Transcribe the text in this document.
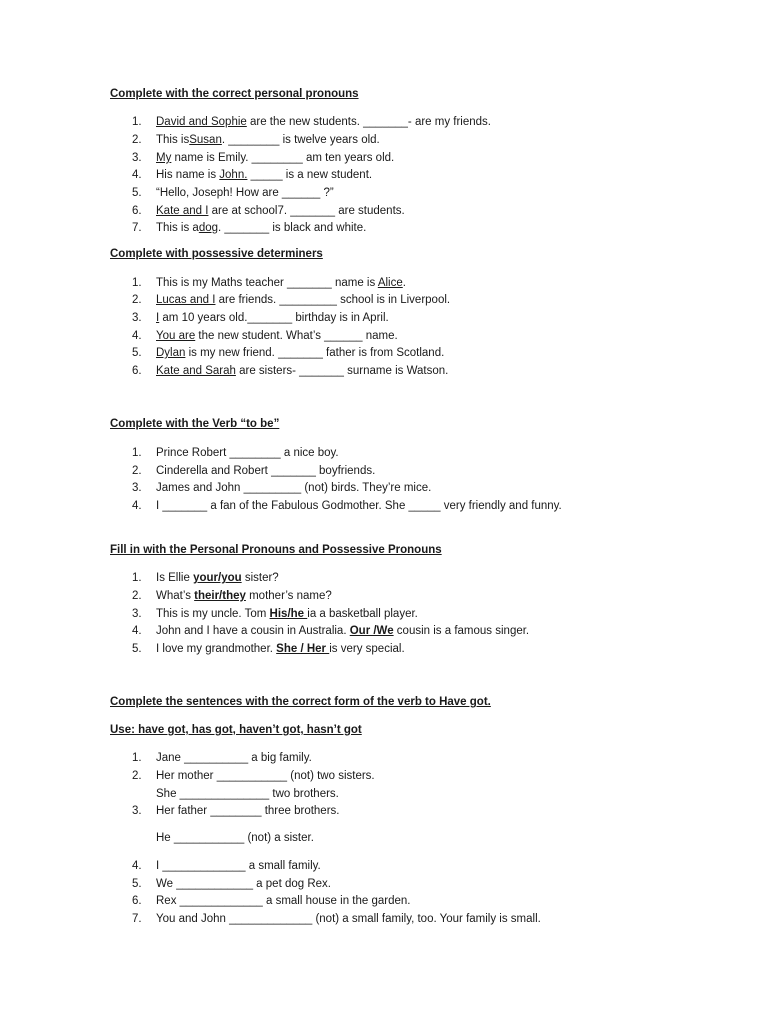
Complete with the correct personal pronouns
1. David and Sophie are the new students. _______- are my friends.
2. This isSusan. ________ is twelve years old.
3. My name is Emily. ________ am ten years old.
4. His name is John. _____ is a new student.
5. “Hello, Joseph! How are ______ ?”
6. Kate and I are at school7. _______ are students.
7. This is adog. _______ is black and white.
Complete with possessive determiners
1. This is my Maths teacher _______ name is Alice.
2. Lucas and I are friends. _________ school is in Liverpool.
3. I am 10 years old._______ birthday is in April.
4. You are the new student. What’s ______ name.
5. Dylan is my new friend. _______ father is from Scotland.
6. Kate and Sarah are sisters- _______ surname is Watson.
Complete with the Verb “to be”
1. Prince Robert ________ a nice boy.
2. Cinderella and Robert _______ boyfriends.
3. James and John _________ (not) birds. They’re mice.
4. I _______ a fan of the Fabulous Godmother. She _____ very friendly and funny.
Fill in with the Personal Pronouns and Possessive Pronouns
1. Is Ellie your/you sister?
2. What’s their/they mother’s name?
3. This is my uncle. Tom His/he ia a basketball player.
4. John and I have a cousin in Australia. Our /We cousin is a famous singer.
5. I love my grandmother. She / Her is very special.
Complete the sentences with the correct form of the verb to Have got.
Use: have got, has got, haven’t got, hasn’t got
1. Jane __________ a big family.
2. Her mother ___________ (not) two sisters.
She ______________ two brothers.
3. Her father ________ three brothers.
He ___________ (not) a sister.
4. I _____________ a small family.
5. We ____________ a pet dog Rex.
6. Rex _____________ a small house in the garden.
7. You and John _____________ (not) a small family, too. Your family is small.
